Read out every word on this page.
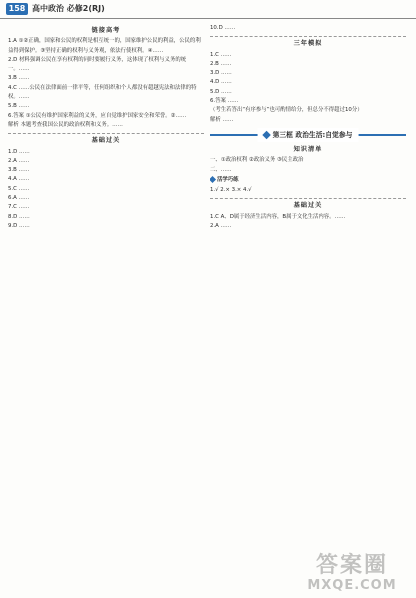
158 高中政治 必修2(RJ)
链接高考

1.A ①②正确，国家和公民的权利是相互统一的，国家维护公民的利益，公民的利益得到保护。③坚持正确的权利与义务观，依法行使权利。④……

2.D 材料强调公民在享有权利的同时要履行义务，这体现了权利与义务的统一。……

3.B ……

4.C ……公民在法律面前一律平等，任何组织和个人都没有超越宪法和法律的特权。……

5.B ……

6.答案 ①公民有维护国家利益的义务，应自觉维护国家安全和荣誉。②……

解析 本题考查我国公民的政治权利和义务。……

基础过关

1.D ……

2.A ……

3.B ……

4.A ……

5.C ……

6.A ……

7.C ……

8.D ……

9.D ……

10.D ……

三年模拟

1.C ……

2.B ……

3.D ……

4.D ……

5.D ……

6.答案 ……

（考生若答出“有序参与”也可酌情给分，但总分不得超过10分）

解析 ……

第三框 政治生活:自觉参与
知识清单

一、①政治权利 ②政治义务 ③民主政治

二、……

活学巧练

1.√ 2.× 3.× 4.√

基础过关

1.C A、D属于经济生活内容，B属于文化生活内容。……

2.A ……

答案圈
MXQE.COM
